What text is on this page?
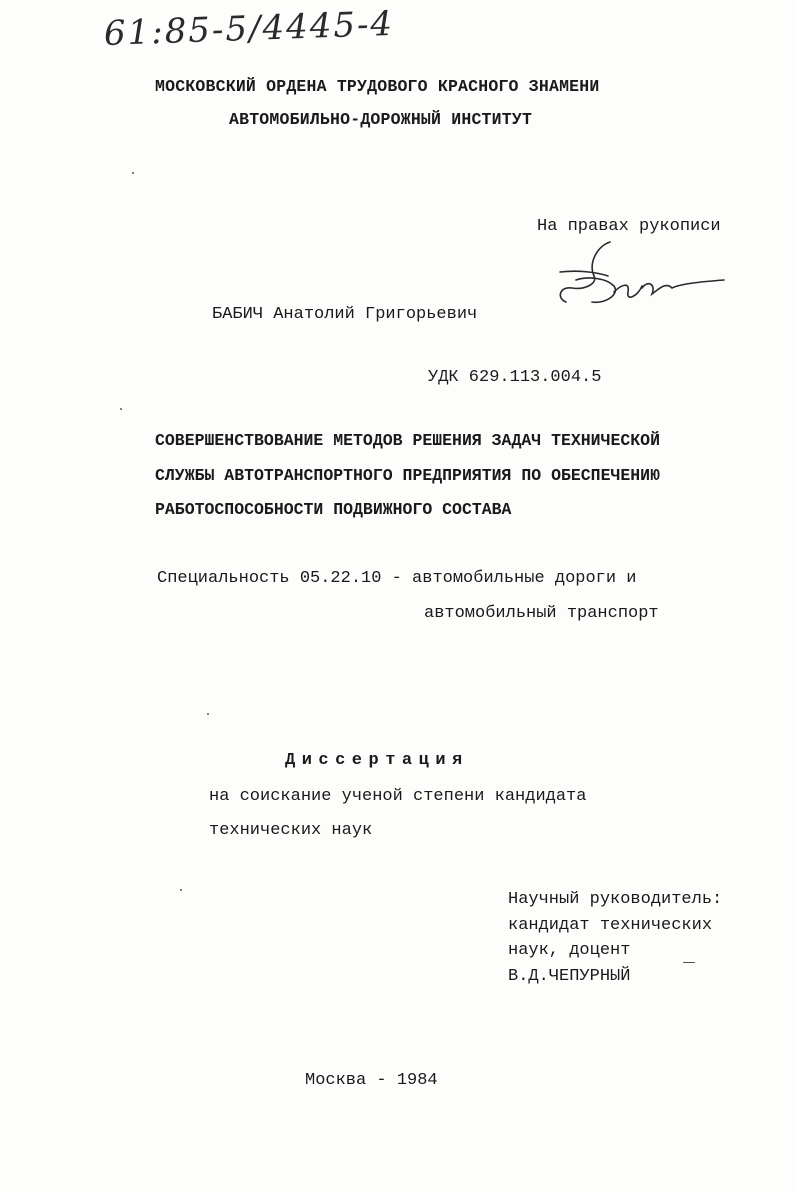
61:85-5/4445-4
МОСКОВСКИЙ ОРДЕНА ТРУДОВОГО КРАСНОГО ЗНАМЕНИ
АВТОМОБИЛЬНО-ДОРОЖНЫЙ ИНСТИТУТ
На правах рукописи
БАБИЧ Анатолий Григорьевич
УДК 629.113.004.5
СОВЕРШЕНСТВОВАНИЕ МЕТОДОВ РЕШЕНИЯ ЗАДАЧ ТЕХНИЧЕСКОЙ
СЛУЖБЫ АВТОТРАНСПОРТНОГО ПРЕДПРИЯТИЯ ПО ОБЕСПЕЧЕНИЮ
РАБОТОСПОСОБНОСТИ ПОДВИЖНОГО СОСТАВА
Специальность 05.22.10 - автомобильные дороги и
автомобильный транспорт
Диссертация
на соискание ученой степени кандидата
технических наук
Научный руководитель:
кандидат технических
наук, доцент
В.Д.ЧЕПУРНЫЙ
Москва - 1984
